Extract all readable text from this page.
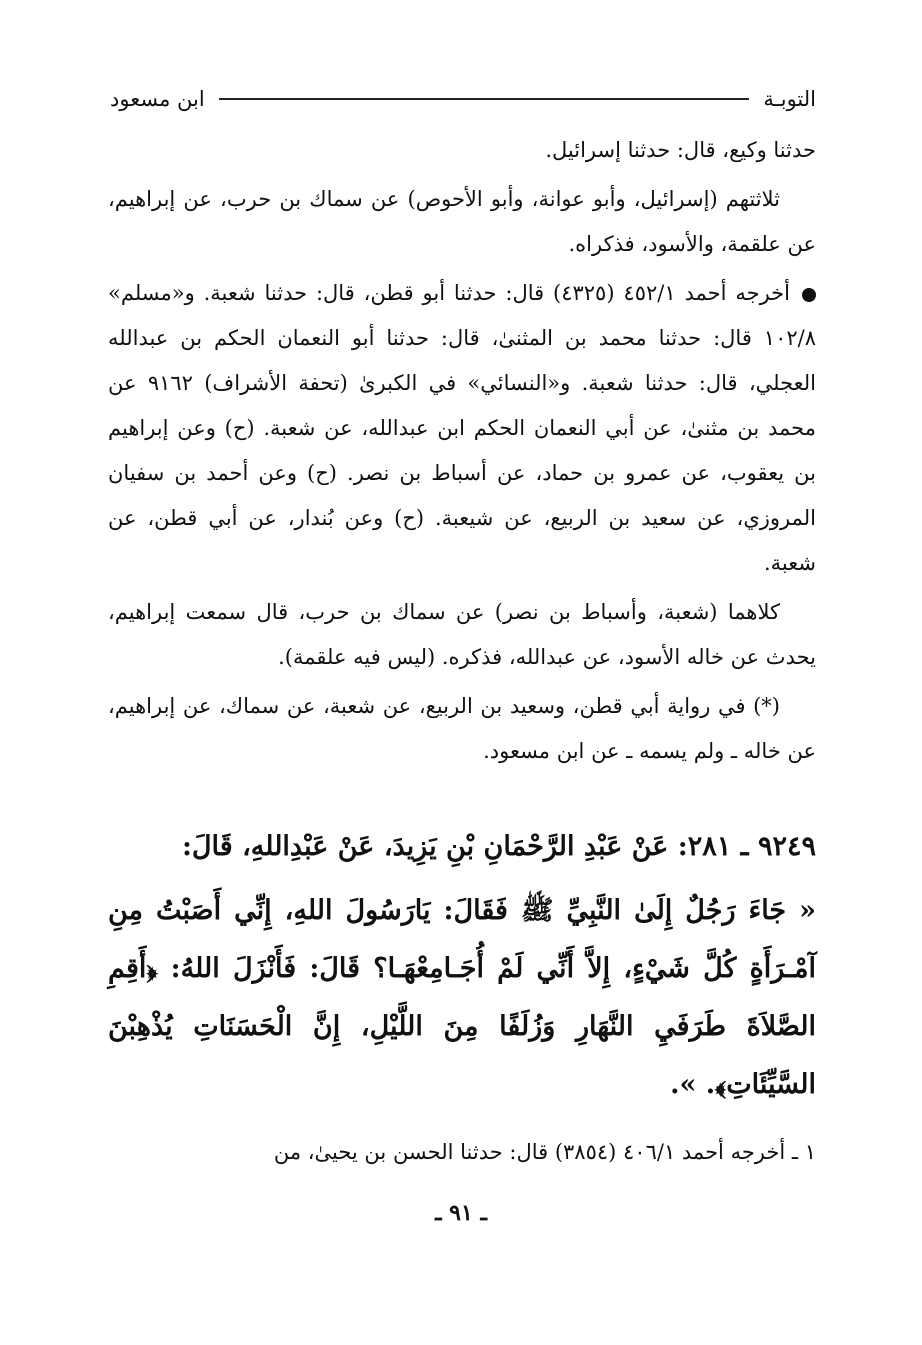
التوبـة
ابن مسعود

حدثنا وكيع، قال: حدثنا إسرائيل.

ثلاثتهم (إسرائيل، وأبو عوانة، وأبو الأحوص) عن سماك بن حرب، عن إبراهيم، عن علقمة، والأسود، فذكراه.

أخرجه أحمد ٤٥٢/١ (٤٣٢٥) قال: حدثنا أبو قطن، قال: حدثنا شعبة. و«مسلم» ١٠٢/٨ قال: حدثنا محمد بن المثنىٰ، قال: حدثنا أبو النعمان الحكم بن عبدالله العجلي، قال: حدثنا شعبة. و«النسائي» في الكبرىٰ (تحفة الأشراف) ٩١٦٢ عن محمد بن مثنىٰ، عن أبي النعمان الحكم ابن عبدالله، عن شعبة. (ح) وعن إبراهيم بن يعقوب، عن عمرو بن حماد، عن أسباط بن نصر. (ح) وعن أحمد بن سفيان المروزي، عن سعيد بن الربيع، عن شيعبة. (ح) وعن بُندار، عن أبي قطن، عن شعبة.

كلاهما (شعبة، وأسباط بن نصر) عن سماك بن حرب، قال سمعت إبراهيم، يحدث عن خاله الأسود، عن عبدالله، فذكره. (ليس فيه علقمة).

(*) في رواية أبي قطن، وسعيد بن الربيع، عن شعبة، عن سماك، عن إبراهيم، عن خاله ـ ولم يسمه ـ عن ابن مسعود.

٩٢٤٩ ـ ٢٨١: عَنْ عَبْدِ الرَّحْمَانِ بْنِ يَزِيدَ، عَنْ عَبْدِاللهِ، قَالَ:

« جَاءَ رَجُلٌ إِلَىٰ النَّبِيِّ ﷺ فَقَالَ: يَارَسُولَ اللهِ، إِنِّي أَصَبْتُ مِنِ آمْـرَأَةٍ كُلَّ شَيْءٍ، إِلاَّ أَنِّي لَمْ أُجَـامِعْهَـا؟ قَالَ: فَأَنْزَلَ اللهُ: ﴿أَقِمِ الصَّلاَةَ طَرَفَيِ النَّهَارِ وَزُلَفًا مِنَ اللَّيْلِ، إِنَّ الْحَسَنَاتِ يُذْهِبْنَ السَّيِّئَاتِ﴾. ».

١ ـ أخرجه أحمد ٤٠٦/١ (٣٨٥٤) قال: حدثنا الحسن بن يحيىٰ، من
ـ ٩١ ـ
